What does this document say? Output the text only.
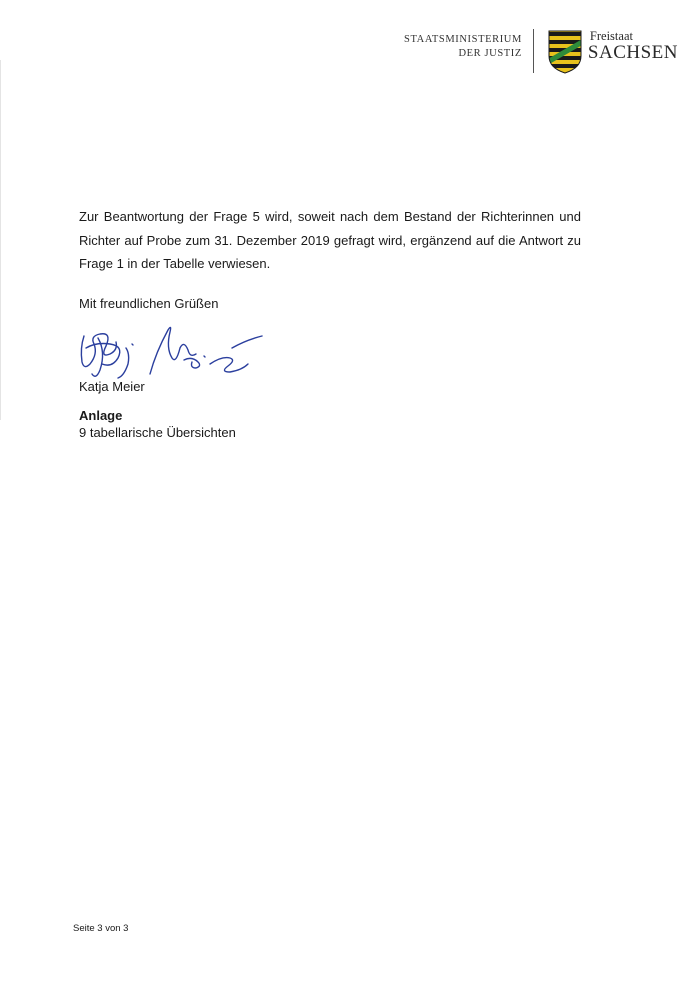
STAATSMINISTERIUM
DER JUSTIZ
Freistaat
SACHSEN

Zur Beantwortung der Frage 5 wird, soweit nach dem Bestand der Richterinnen und Richter auf Probe zum 31. Dezember 2019 gefragt wird, ergänzend auf die Antwort zu Frage 1 in der Tabelle verwiesen.

Mit freundlichen Grüßen

Katja Meier

Anlage

9 tabellarische Übersichten

Seite 3 von 3
